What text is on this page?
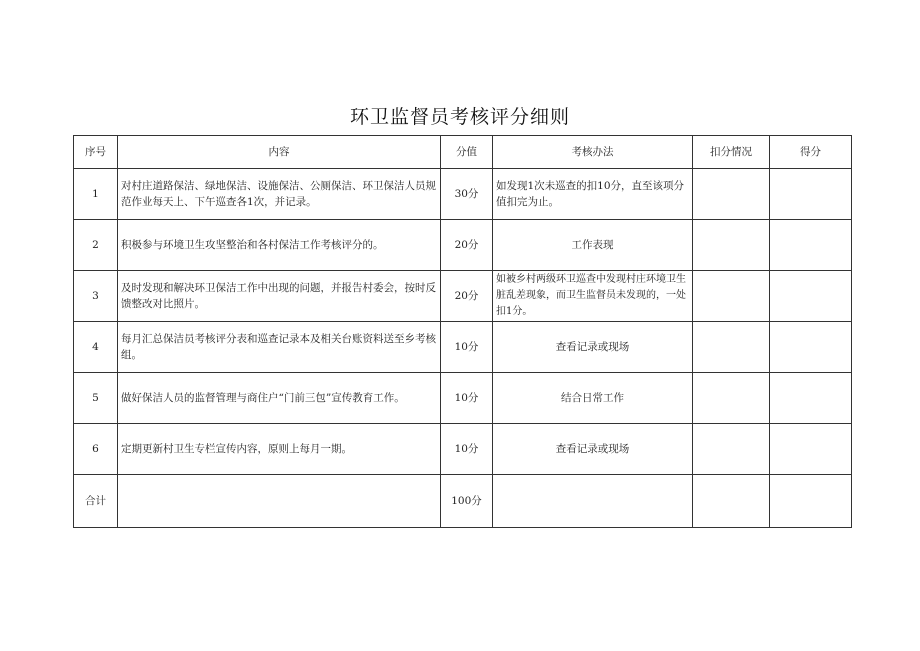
环卫监督员考核评分细则
序号	内容	分值	考核办法	扣分情况	得分
1	对村庄道路保洁、绿地保洁、设施保洁、公厕保洁、环卫保洁人员规范作业每天上、下午巡查各1次，并记录。	30分	如发现1次未巡查的扣10分，直至该项分值扣完为止。		
2	积极参与环境卫生攻坚整治和各村保洁工作考核评分的。	20分	工作表现		
3	及时发现和解决环卫保洁工作中出现的问题，并报告村委会，按时反馈整改对比照片。	20分	如被乡村两级环卫巡查中发现村庄环境卫生脏乱差现象，而卫生监督员未发现的，一处扣1分。		
4	每月汇总保洁员考核评分表和巡查记录本及相关台账资料送至乡考核组。	10分	查看记录或现场		
5	做好保洁人员的监督管理与商住户“门前三包”宣传教育工作。	10分	结合日常工作		
6	定期更新村卫生专栏宣传内容，原则上每月一期。	10分	查看记录或现场		
合计		100分			
